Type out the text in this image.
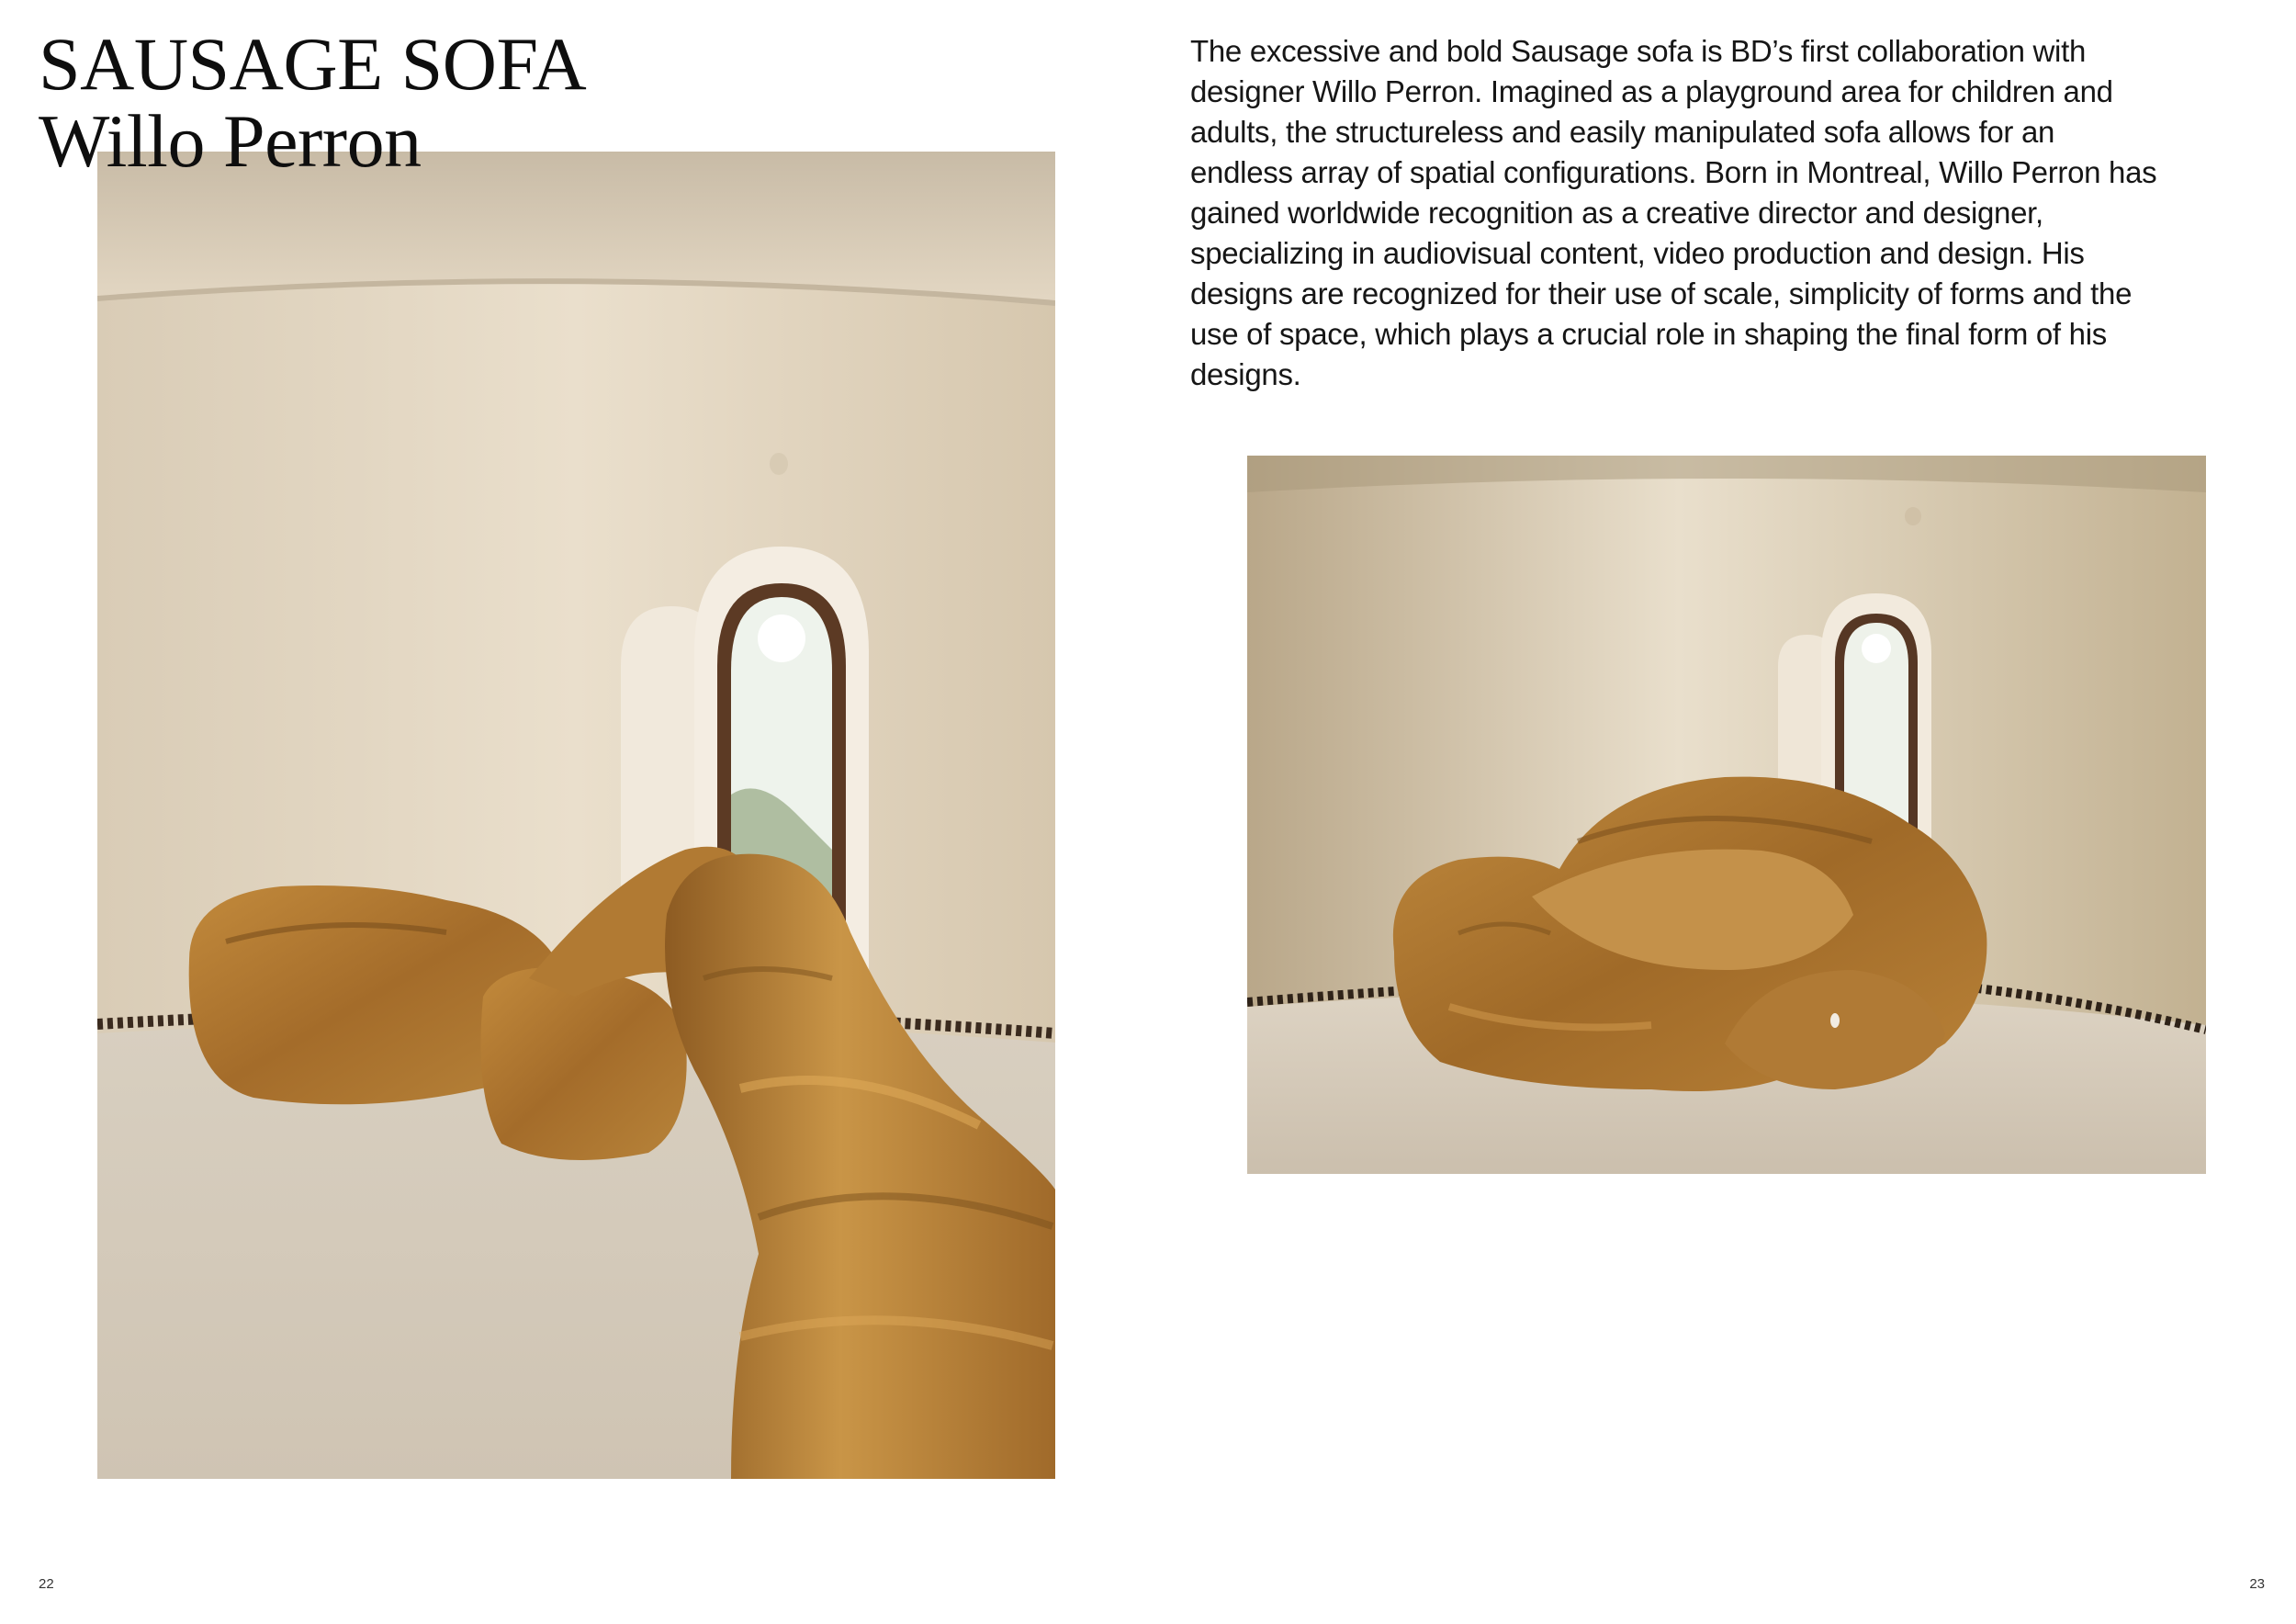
SAUSAGE SOFA
Willo Perron
The excessive and bold Sausage sofa is BD’s first collaboration with designer Willo Perron. Imagined as a playground area for children and adults, the structureless and easily manipulated sofa allows for an endless array of spatial configurations. Born in Montreal, Willo Perron has gained worldwide recognition as a creative director and designer, specializing in audiovisual content, video production and design. His designs are recognized for their use of scale, simplicity of forms and the use of space, which plays a crucial role in shaping the final form of his designs.
22	23
